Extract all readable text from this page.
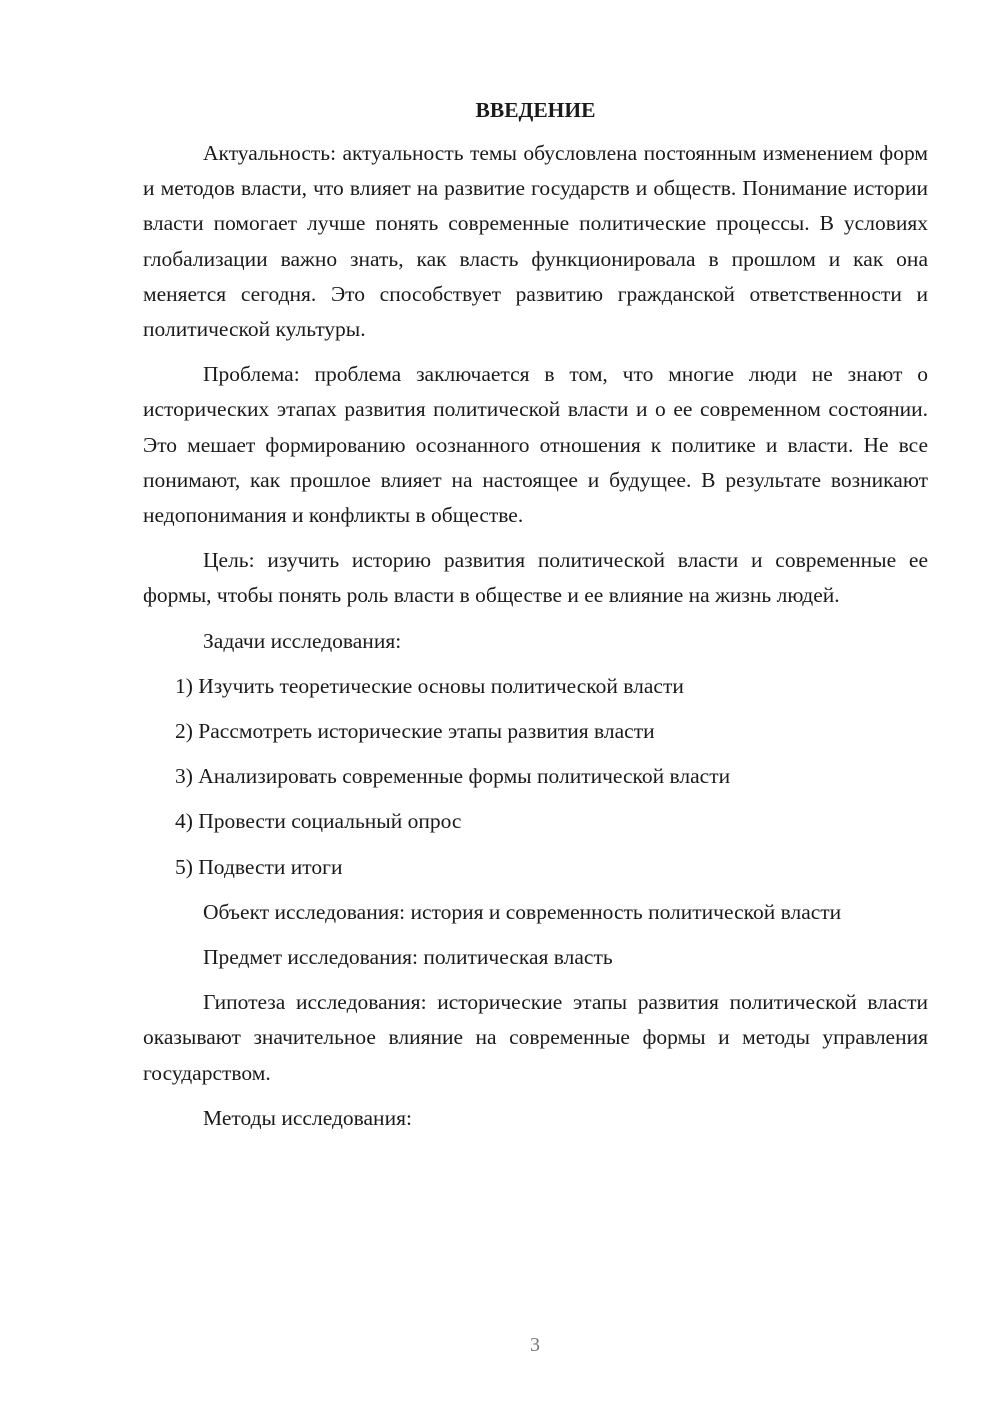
ВВЕДЕНИЕ

Актуальность: актуальность темы обусловлена постоянным изменением форм и методов власти, что влияет на развитие государств и обществ. Понимание истории власти помогает лучше понять современные политические процессы. В условиях глобализации важно знать, как власть функционировала в прошлом и как она меняется сегодня. Это способствует развитию гражданской ответственности и политической культуры.

Проблема: проблема заключается в том, что многие люди не знают о исторических этапах развития политической власти и о ее современном состоянии. Это мешает формированию осознанного отношения к политике и власти. Не все понимают, как прошлое влияет на настоящее и будущее. В результате возникают недопонимания и конфликты в обществе.

Цель: изучить историю развития политической власти и современные ее формы, чтобы понять роль власти в обществе и ее влияние на жизнь людей.

Задачи исследования:

1) Изучить теоретические основы политической власти

2) Рассмотреть исторические этапы развития власти

3) Анализировать современные формы политической власти

4) Провести социальный опрос

5) Подвести итоги

Объект исследования: история и современность политической власти

Предмет исследования: политическая власть

Гипотеза исследования: исторические этапы развития политической власти оказывают значительное влияние на современные формы и методы управления государством.

Методы исследования:

3
